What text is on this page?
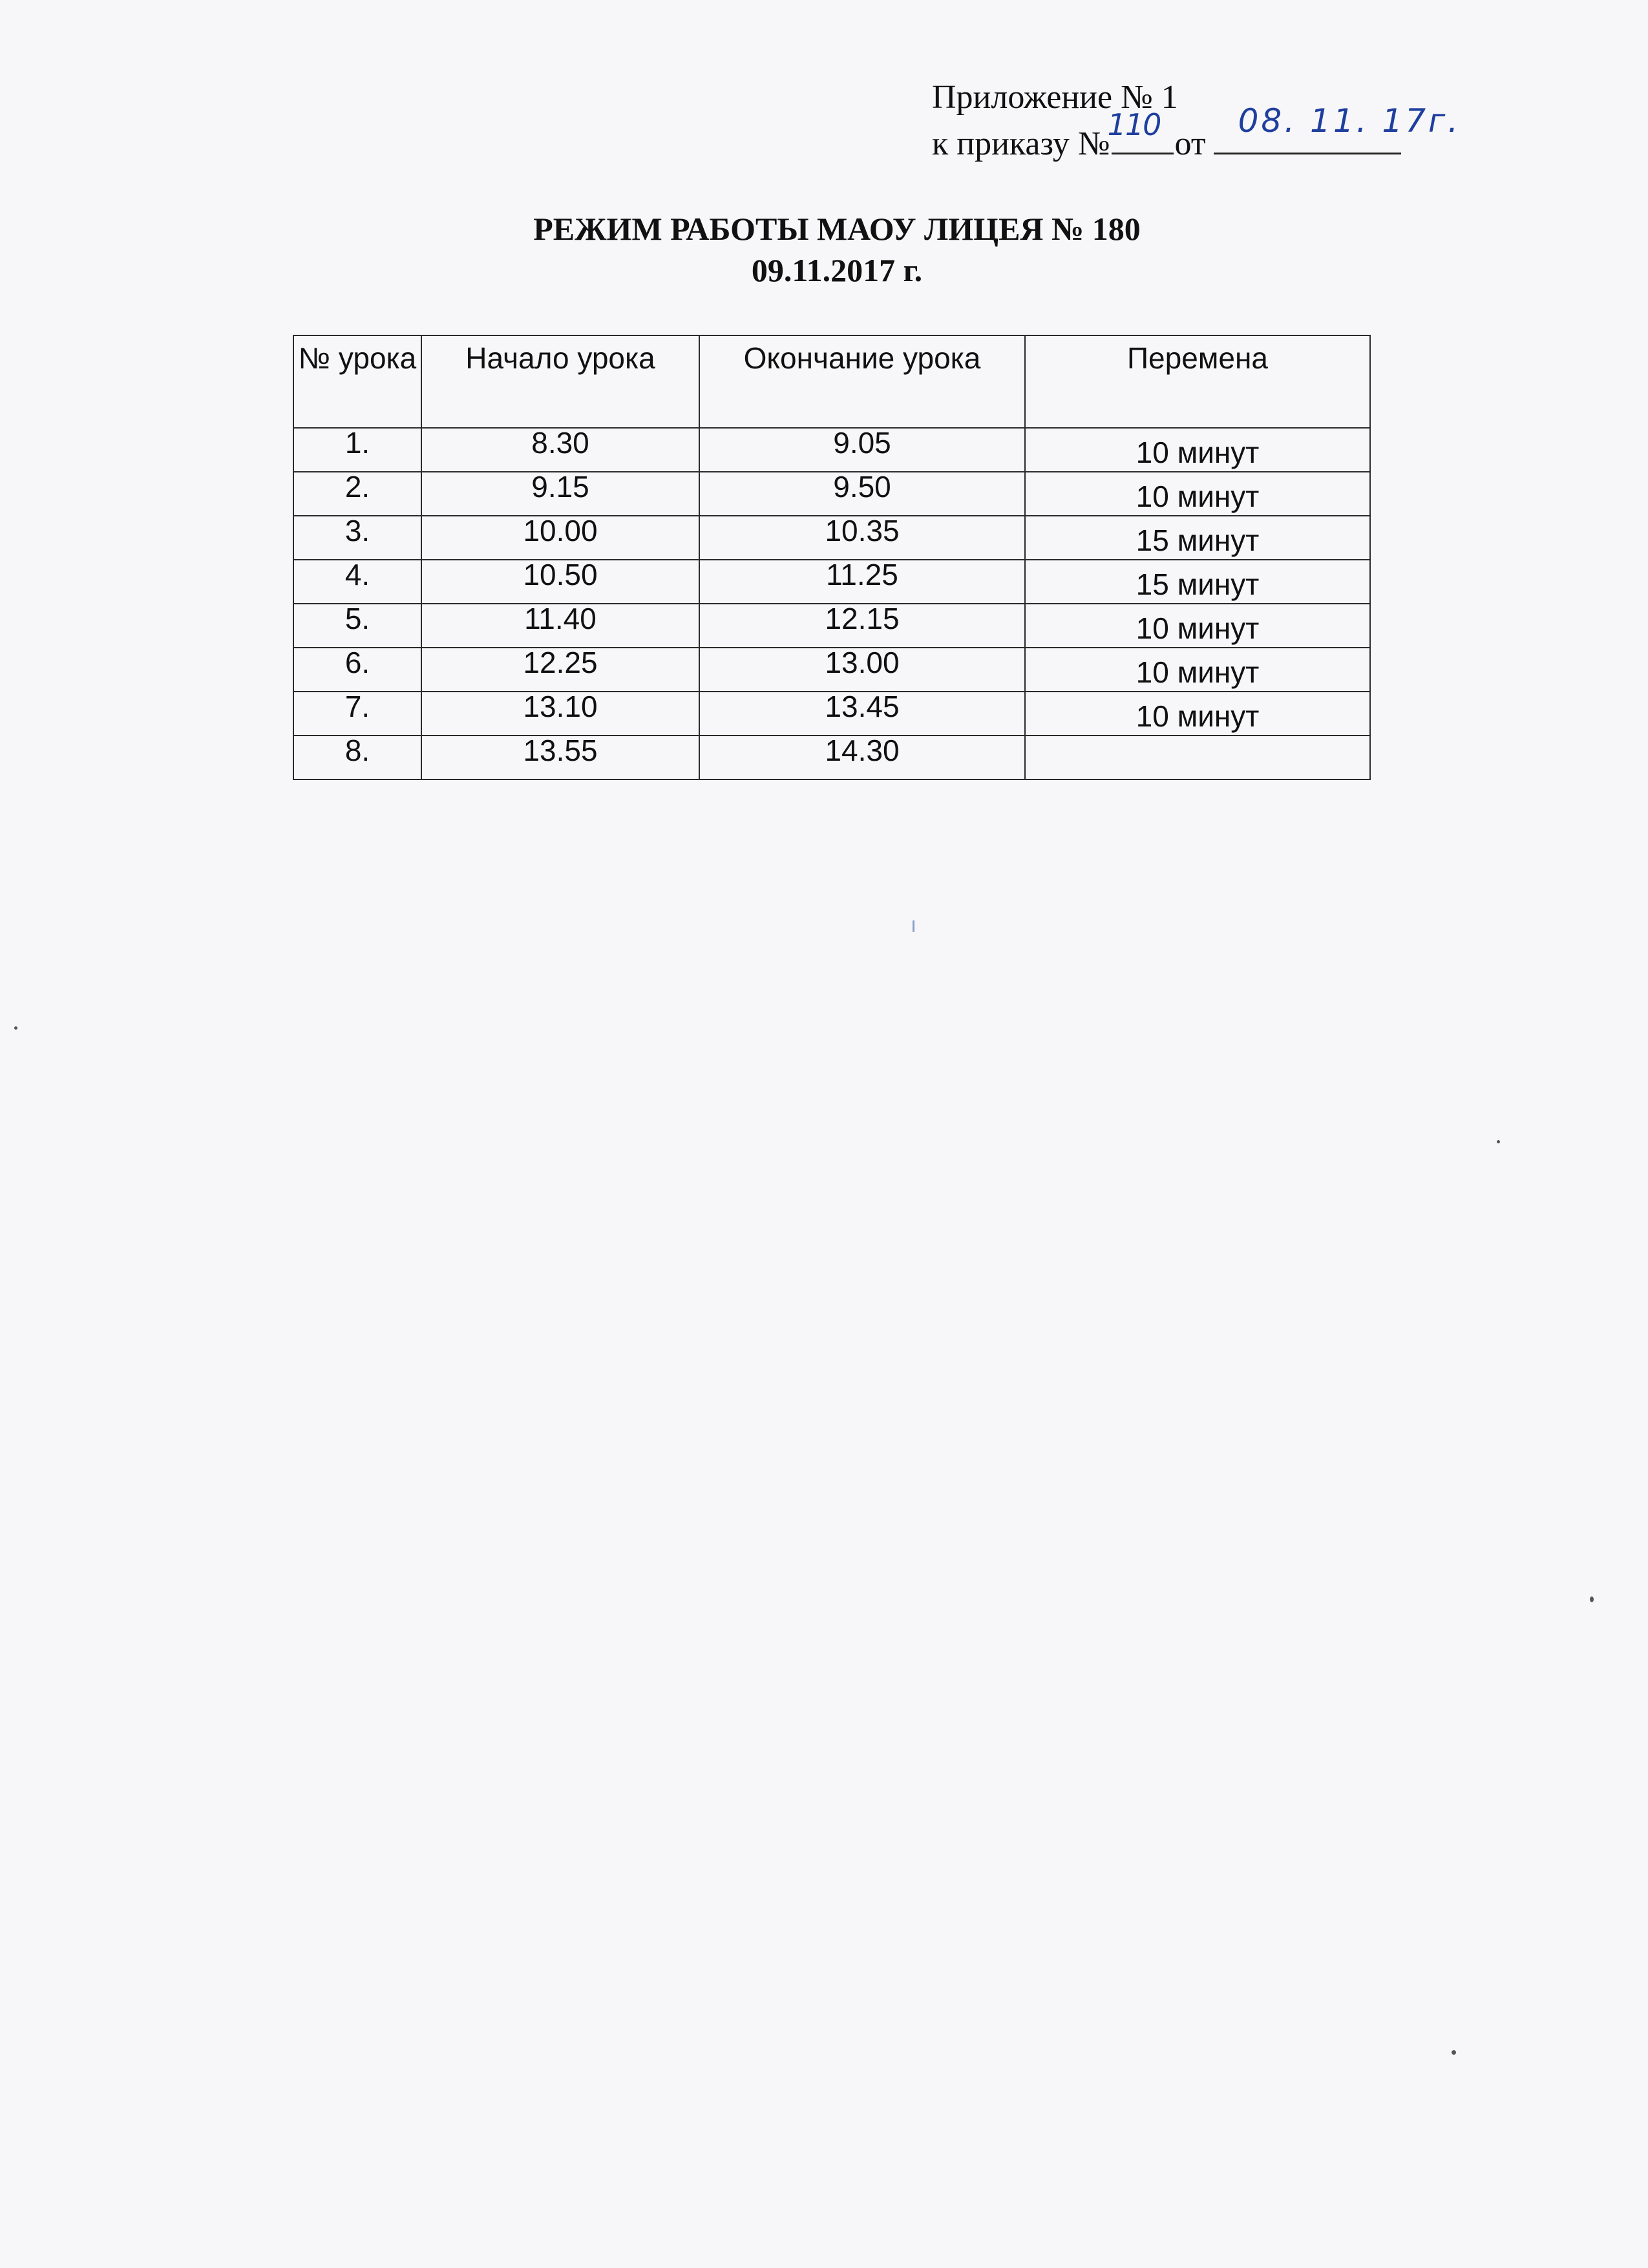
Приложение № 1
к приказу №
110
от
08. 11. 17г.
РЕЖИМ РАБОТЫ МАОУ ЛИЦЕЯ № 180
09.11.2017 г.
№ урока	Начало урока	Окончание урока	Перемена
1.	8.30	9.05	10 минут
2.	9.15	9.50	10 минут
3.	10.00	10.35	15 минут
4.	10.50	11.25	15 минут
5.	11.40	12.15	10 минут
6.	12.25	13.00	10 минут
7.	13.10	13.45	10 минут
8.	13.55	14.30	
